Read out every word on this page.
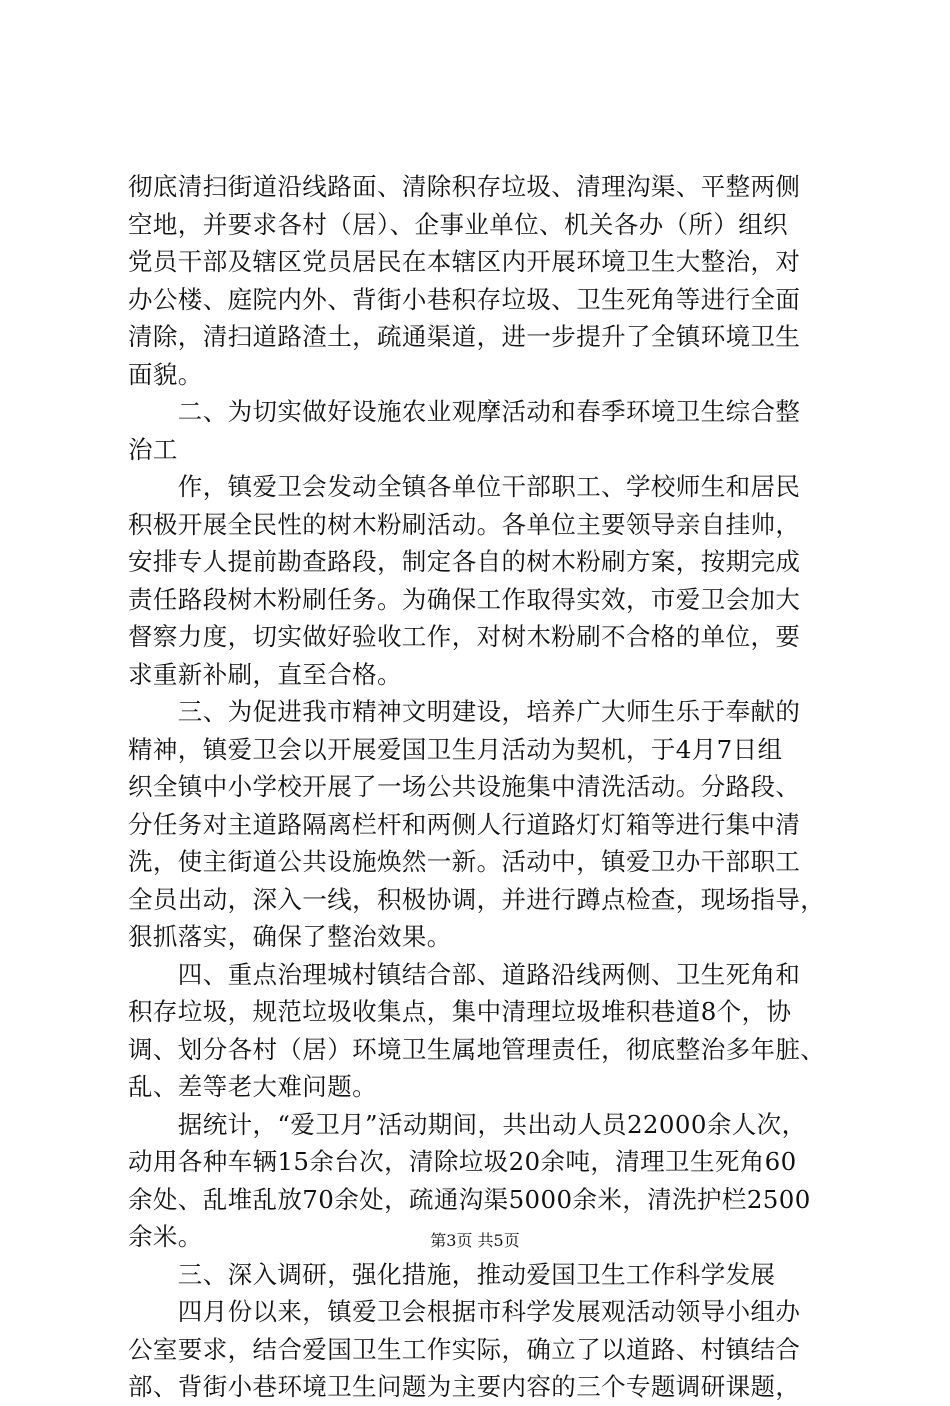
彻底清扫街道沿线路面、清除积存垃圾、清理沟渠、平整两侧
空地，并要求各村（居）、企事业单位、机关各办（所）组织
党员干部及辖区党员居民在本辖区内开展环境卫生大整治，对
办公楼、庭院内外、背街小巷积存垃圾、卫生死角等进行全面
清除，清扫道路渣土，疏通渠道，进一步提升了全镇环境卫生
面貌。
　　二、为切实做好设施农业观摩活动和春季环境卫生综合整
治工
　　作，镇爱卫会发动全镇各单位干部职工、学校师生和居民
积极开展全民性的树木粉刷活动。各单位主要领导亲自挂帅，
安排专人提前勘查路段，制定各自的树木粉刷方案，按期完成
责任路段树木粉刷任务。为确保工作取得实效，市爱卫会加大
督察力度，切实做好验收工作，对树木粉刷不合格的单位，要
求重新补刷，直至合格。
　　三、为促进我市精神文明建设，培养广大师生乐于奉献的
精神，镇爱卫会以开展爱国卫生月活动为契机，于4月7日组
织全镇中小学校开展了一场公共设施集中清洗活动。分路段、
分任务对主道路隔离栏杆和两侧人行道路灯灯箱等进行集中清
洗，使主街道公共设施焕然一新。活动中，镇爱卫办干部职工
全员出动，深入一线，积极协调，并进行蹲点检查，现场指导，
狠抓落实，确保了整治效果。
　　四、重点治理城村镇结合部、道路沿线两侧、卫生死角和
积存垃圾，规范垃圾收集点，集中清理垃圾堆积巷道8个，协
调、划分各村（居）环境卫生属地管理责任，彻底整治多年脏、
乱、差等老大难问题。
　　据统计，“爱卫月”活动期间，共出动人员22000余人次，
动用各种车辆15余台次，清除垃圾20余吨，清理卫生死角60
余处、乱堆乱放70余处，疏通沟渠5000余米，清洗护栏2500
余米。
　　三、深入调研，强化措施，推动爱国卫生工作科学发展
　　四月份以来，镇爱卫会根据市科学发展观活动领导小组办
公室要求，结合爱国卫生工作实际，确立了以道路、村镇结合
部、背街小巷环境卫生问题为主要内容的三个专题调研课题，
第3页 共5页
